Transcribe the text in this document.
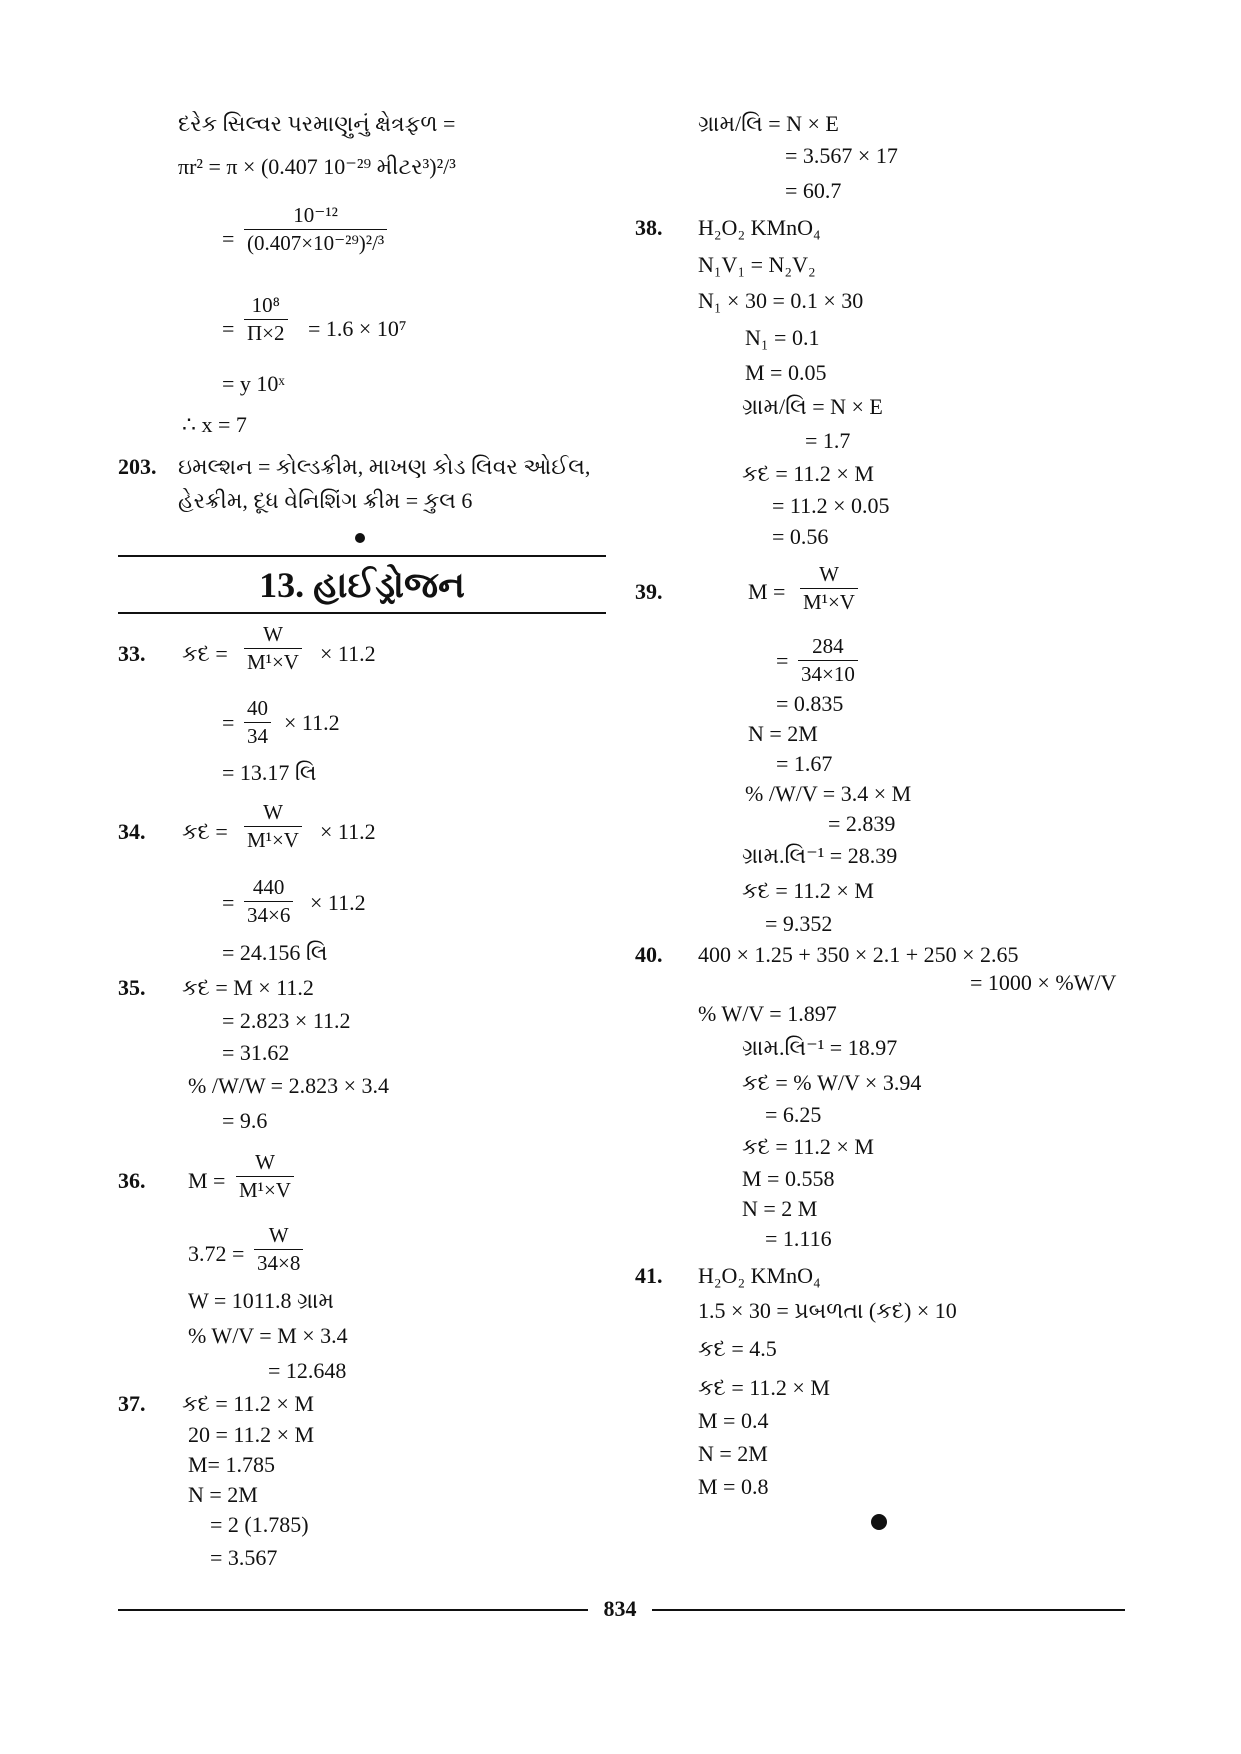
દરેક સિલ્વર પરમાણુનું ક્ષેત્રફળ =
πr² = π × (0.407 10⁻²⁹ મીટર³)²/³
= $\frac{\text{10⁻¹²}}{\text{(0.407×10⁻²⁹)²/³}}$
= $\frac{\text{10⁸}}{\Pi\times 2} = 1.6 \times 10^7$
= y 10ˣ
∴ x = 7
203. ઇમલ્શન = કોલ્ડક્રીમ, માખણ કોડ લિવર ઓઈલ,
હેરક્રીમ, દૂધ વેનિશિંગ ક્રીમ = કુલ 6
13. હાઈડ્રોજન
33. કદ = $\frac{W}{\text{M¹×V}} \times 11.2$
= $\frac{40}{34} \times 11.2$
= 13.17 લિ
34. કદ = $\frac{W}{\text{M¹×V}} \times 11.2$
= $\frac{440}{34\times 6} \times 11.2$
= 24.156 લિ
35. કદ = M × 11.2
= 2.823 × 11.2
= 31.62
% /W/W = 2.823 × 3.4
= 9.6
36. $M = \frac{W}{\text{M¹×V}}$
$3.72 = \frac{W}{34\times 8}$
W = 1011.8 ગ્રામ
% W/V = M × 3.4
= 12.648
37. કદ = 11.2 × M
20 = 11.2 × M
M= 1.785
N = 2M
= 2 (1.785)
= 3.567
ગ્રામ/લિ = N × E
= 3.567 × 17
= 60.7
38. H₂O₂ KMnO₄
N₁V₁ = N₂V₂
N₁ × 30 = 0.1 × 30
N₁ = 0.1
M = 0.05
ગ્રામ/લિ = N × E
= 1.7
કદ = 11.2 × M
= 11.2 × 0.05
= 0.56
39.	$M = \frac{W}{\text{M¹×V}}$
= $\frac{284}{34\times 10}$
= 0.835
N = 2M
= 1.67
% /W/V = 3.4 × M
= 2.839
ગ્રામ.લિ⁻¹ = 28.39
કદ = 11.2 × M
= 9.352
40. 400 × 1.25 + 350 × 2.1 + 250 × 2.65
= 1000 × %W/V
% W/V = 1.897
ગ્રામ.લિ⁻¹ = 18.97
કદ = % W/V × 3.94
= 6.25
કદ = 11.2 × M
M = 0.558
N = 2 M
= 1.116
41. H₂O₂ KMnO₄
1.5 × 30 = પ્રબળતા (કદ) × 10
કદ = 4.5
કદ = 11.2 × M
M = 0.4
N = 2M
M = 0.8
834
